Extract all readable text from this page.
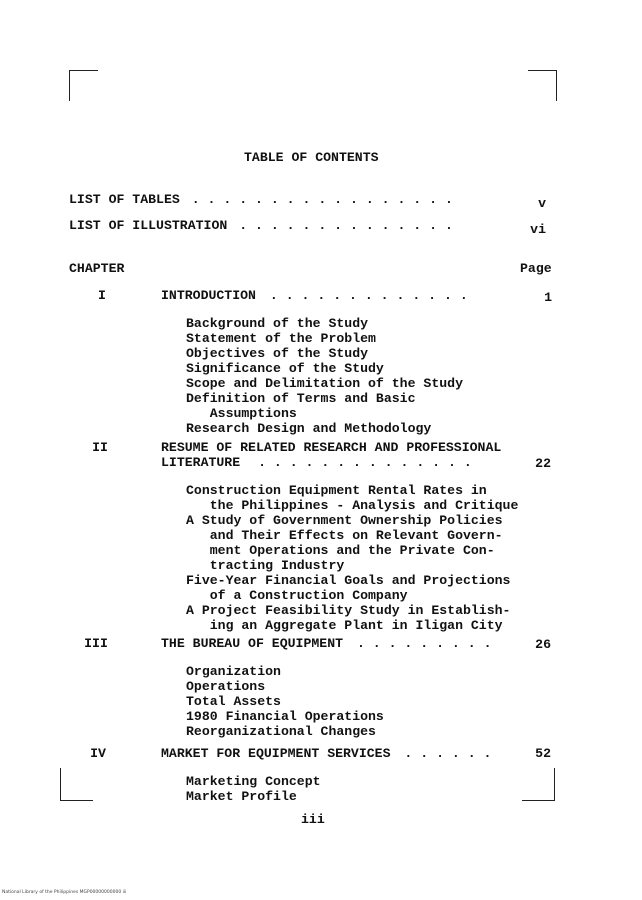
TABLE OF CONTENTS
LIST OF TABLES . . . . . . . . . . . . . . . . .	v
LIST OF ILLUSTRATION . . . . . . . . . . . . . .	vi
CHAPTER	Page
I	INTRODUCTION . . . . . . . . . . . . .	1
Background of the Study
Statement of the Problem
Objectives of the Study
Significance of the Study
Scope and Delimitation of the Study
Definition of Terms and Basic
Assumptions
Research Design and Methodology
II	RESUME OF RELATED RESEARCH AND PROFESSIONAL
LITERATURE . . . . . . . . . . . . . .	22
Construction Equipment Rental Rates in
the Philippines - Analysis and Critique
A Study of Government Ownership Policies
and Their Effects on Relevant Govern-
ment Operations and the Private Con-
tracting Industry
Five-Year Financial Goals and Projections
of a Construction Company
A Project Feasibility Study in Establish-
ing an Aggregate Plant in Iligan City
III	THE BUREAU OF EQUIPMENT . . . . . . . . .	26
Organization
Operations
Total Assets
1980 Financial Operations
Reorganizational Changes
IV	MARKET FOR EQUIPMENT SERVICES . . . . . .	52
Marketing Concept
Market Profile
iii
National Library of the Philippines MGP00000000000 iii
